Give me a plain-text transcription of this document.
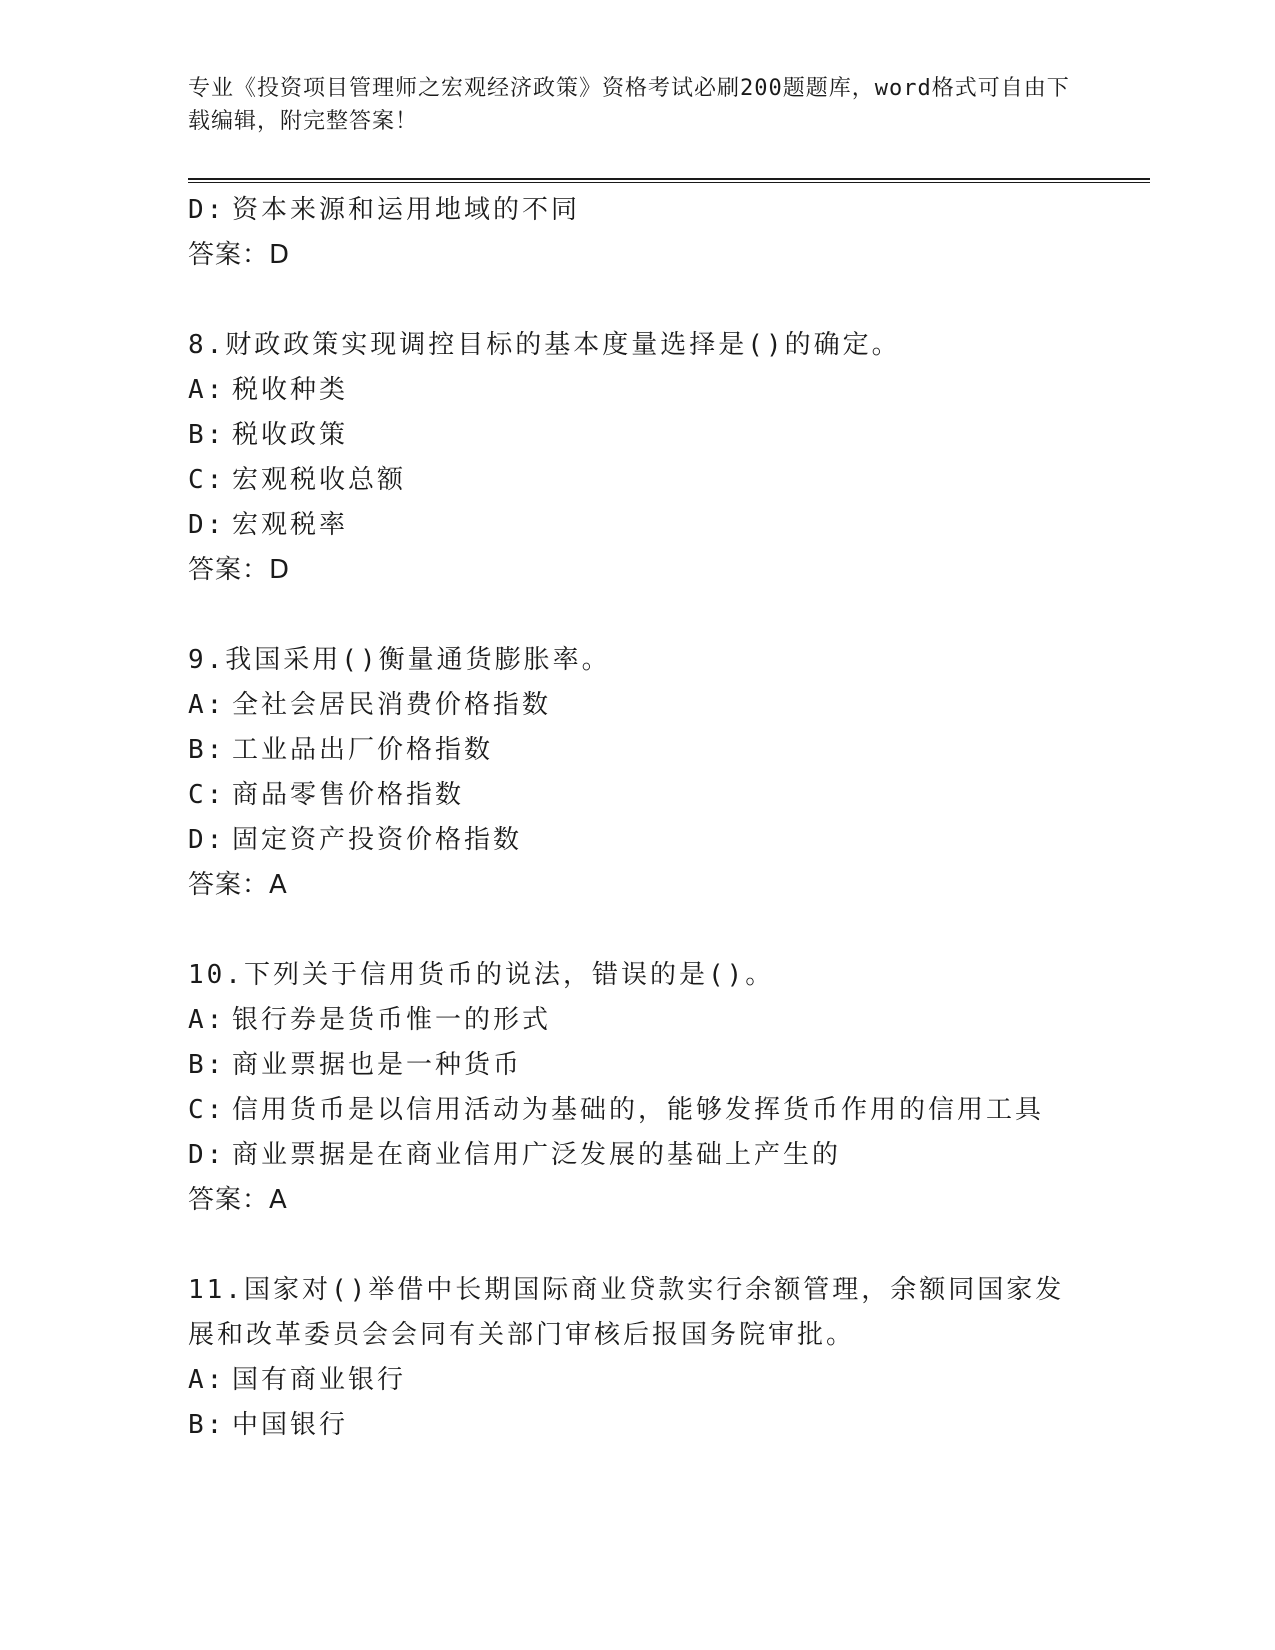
专业《投资项目管理师之宏观经济政策》资格考试必刷200题题库，word格式可自由下载编辑，附完整答案！
D: 资本来源和运用地域的不同
答案：D
8.财政政策实现调控目标的基本度量选择是()的确定。
A: 税收种类
B: 税收政策
C: 宏观税收总额
D: 宏观税率
答案：D
9.我国采用()衡量通货膨胀率。
A: 全社会居民消费价格指数
B: 工业品出厂价格指数
C: 商品零售价格指数
D: 固定资产投资价格指数
答案：A
10.下列关于信用货币的说法，错误的是()。
A: 银行券是货币惟一的形式
B: 商业票据也是一种货币
C: 信用货币是以信用活动为基础的，能够发挥货币作用的信用工具
D: 商业票据是在商业信用广泛发展的基础上产生的
答案：A
11.国家对()举借中长期国际商业贷款实行余额管理，余额同国家发展和改革委员会会同有关部门审核后报国务院审批。
A: 国有商业银行
B: 中国银行
